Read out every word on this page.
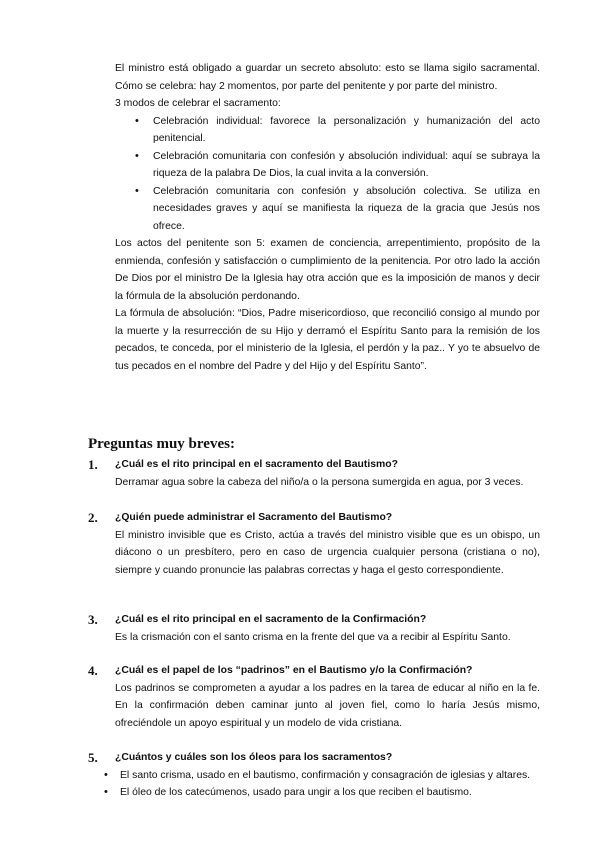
El ministro está obligado a guardar un secreto absoluto: esto se llama sigilo sacramental. Cómo se celebra: hay 2 momentos, por parte del penitente y por parte del ministro.

3 modos de celebrar el sacramento:

• Celebración individual: favorece la personalización y humanización del acto penitencial.
• Celebración comunitaria con confesión y absolución individual: aquí se subraya la riqueza de la palabra De Dios, la cual invita a la conversión.
• Celebración comunitaria con confesión y absolución colectiva. Se utiliza en necesidades graves y aquí se manifiesta la riqueza de la gracia que Jesús nos ofrece.

Los actos del penitente son 5: examen de conciencia, arrepentimiento, propósito de la enmienda, confesión y satisfacción o cumplimiento de la penitencia. Por otro lado la acción De Dios por el ministro De la Iglesia hay otra acción que es la imposición de manos y decir la fórmula de la absolución perdonando.

La fórmula de absolución: “Dios, Padre misericordioso, que reconcilió consigo al mundo por la muerte y la resurrección de su Hijo y derramó el Espíritu Santo para la remisión de los pecados, te conceda, por el ministerio de la Iglesia, el perdón y la paz.. Y yo te absuelvo de tus pecados en el nombre del Padre y del Hijo y del Espíritu Santo”.

Preguntas muy breves:
1. ¿Cuál es el rito principal en el sacramento del Bautismo?
Derramar agua sobre la cabeza del niño/a o la persona sumergida en agua, por 3 veces.
2. ¿Quién puede administrar el Sacramento del Bautismo?
El ministro invisible que es Cristo, actúa a través del ministro visible que es un obispo, un diácono o un presbítero, pero en caso de urgencia cualquier persona (cristiana o no), siempre y cuando pronuncie las palabras correctas y haga el gesto correspondiente.
3. ¿Cuál es el rito principal en el sacramento de la Confirmación?
Es la crismación con el santo crisma en la frente del que va a recibir al Espíritu Santo.
4. ¿Cuál es el papel de los “padrinos” en el Bautismo y/o la Confirmación?
Los padrinos se comprometen a ayudar a los padres en la tarea de educar al niño en la fe. En la confirmación deben caminar junto al joven fiel, como lo haría Jesús mismo, ofreciéndole un apoyo espiritual y un modelo de vida cristiana.
5. ¿Cuántos y cuáles son los óleos para los sacramentos?
• El santo crisma, usado en el bautismo, confirmación y consagración de iglesias y altares.
• El óleo de los catecúmenos, usado para ungir a los que reciben el bautismo.
